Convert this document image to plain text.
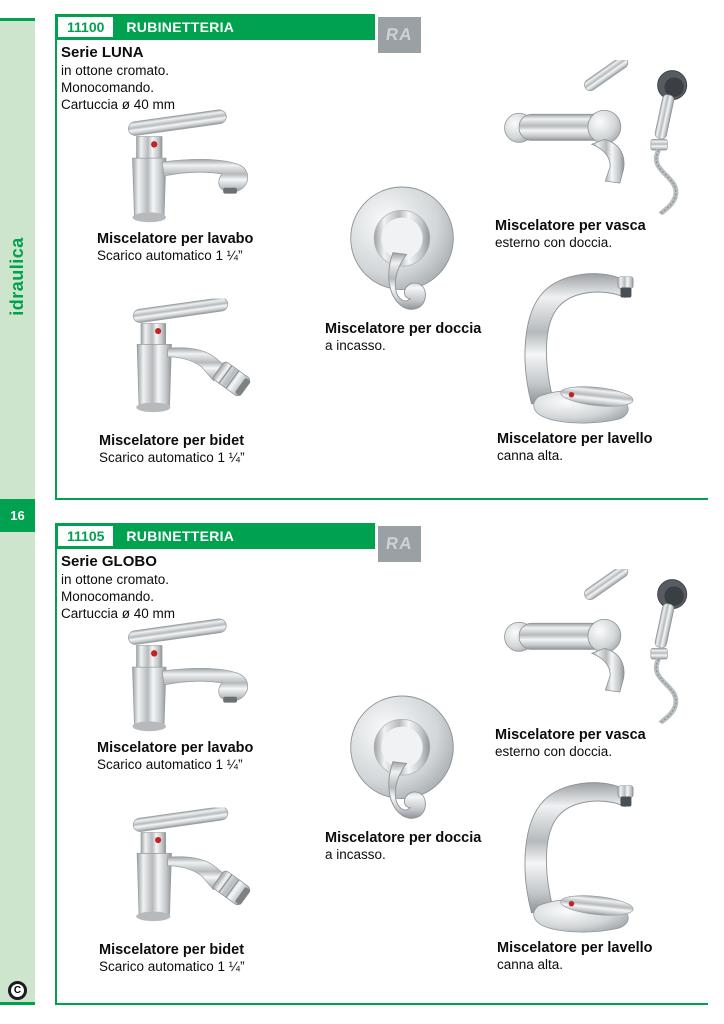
idraulica
16
C
11100	RUBINETTERIA	RA
Serie LUNA
in ottone cromato.
Monocomando.
Cartuccia ø 40 mm
Miscelatore per lavabo
Scarico automatico 1 ¼”
Miscelatore per bidet
Scarico automatico 1 ¼”
Miscelatore per doccia
a incasso.
Miscelatore per vasca
esterno con doccia.
Miscelatore per lavello
canna alta.
11105	RUBINETTERIA	RA
Serie GLOBO
in ottone cromato.
Monocomando.
Cartuccia ø 40 mm
Miscelatore per lavabo
Scarico automatico 1 ¼”
Miscelatore per bidet
Scarico automatico 1 ¼”
Miscelatore per doccia
a incasso.
Miscelatore per vasca
esterno con doccia.
Miscelatore per lavello
canna alta.
